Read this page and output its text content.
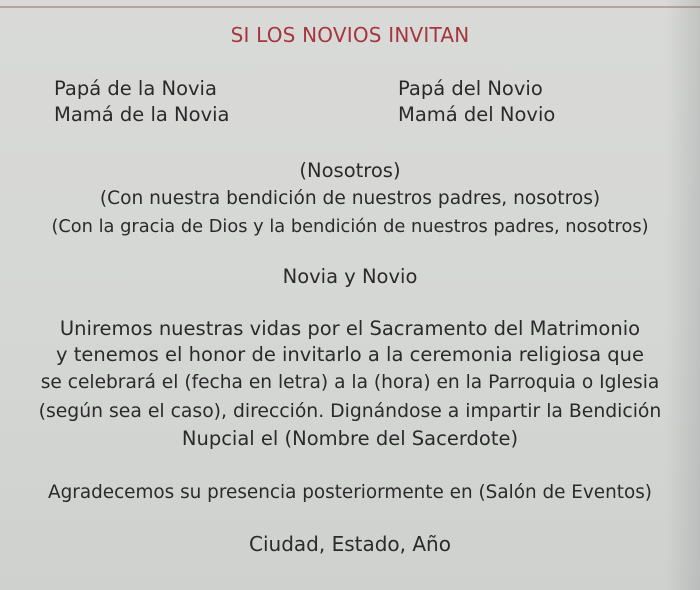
SI LOS NOVIOS INVITAN
Papá de la Novia
Mamá de la Novia
Papá del Novio
Mamá del Novio
(Nosotros)
(Con nuestra bendición de nuestros padres, nosotros)
(Con la gracia de Dios y la bendición de nuestros padres, nosotros)
Novia y Novio
Uniremos nuestras vidas por el Sacramento del Matrimonio
y tenemos el honor de invitarlo a la ceremonia religiosa que
se celebrará el (fecha en letra) a la (hora) en la Parroquia o Iglesia
(según sea el caso), dirección. Dignándose a impartir la Bendición
Nupcial el (Nombre del Sacerdote)
Agradecemos su presencia posteriormente en (Salón de Eventos)
Ciudad, Estado, Año
